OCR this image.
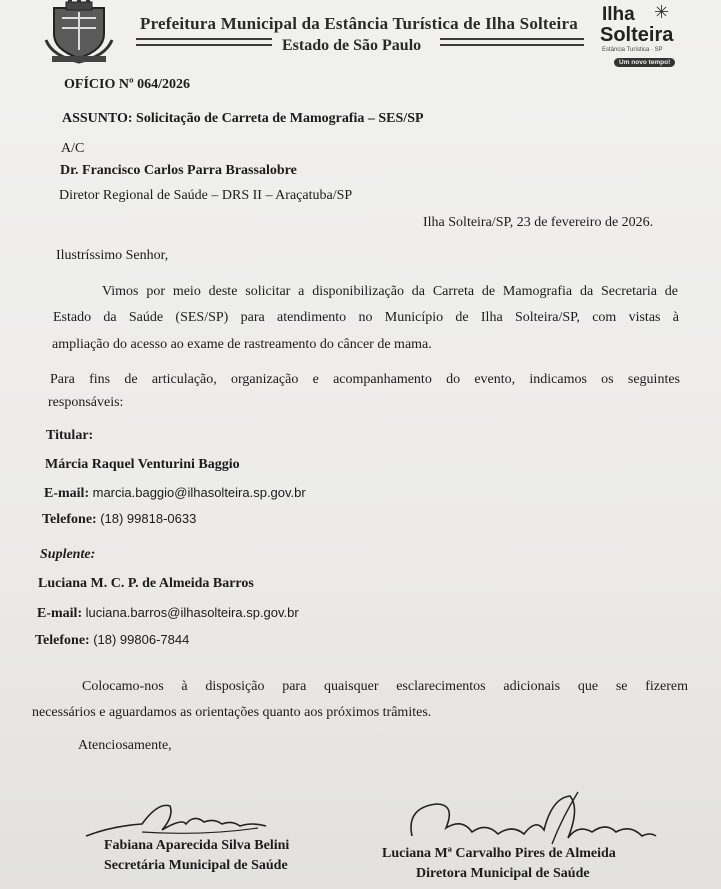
Prefeitura Municipal da Estância Turística de Ilha Solteira
Estado de São Paulo
Ilha ✳
Solteira
Estância Turística · SP
Um novo tempo!
OFÍCIO Nº 064/2026
ASSUNTO: Solicitação de Carreta de Mamografia – SES/SP
A/C
Dr. Francisco Carlos Parra Brassalobre
Diretor Regional de Saúde – DRS II – Araçatuba/SP
Ilha Solteira/SP, 23 de fevereiro de 2026.
Ilustríssimo Senhor,
Vimos por meio deste solicitar a disponibilização da Carreta de Mamografia da Secretaria de
Estado da Saúde (SES/SP) para atendimento no Município de Ilha Solteira/SP, com vistas à
ampliação do acesso ao exame de rastreamento do câncer de mama.
Para fins de articulação, organização e acompanhamento do evento, indicamos os seguintes
responsáveis:
Titular:
Márcia Raquel Venturini Baggio
E-mail: marcia.baggio@ilhasolteira.sp.gov.br
Telefone: (18) 99818-0633
Suplente:
Luciana M. C. P. de Almeida Barros
E-mail: luciana.barros@ilhasolteira.sp.gov.br
Telefone: (18) 99806-7844
Colocamo-nos à disposição para quaisquer esclarecimentos adicionais que se fizerem
necessários e aguardamos as orientações quanto aos próximos trâmites.
Atenciosamente,
Fabiana Aparecida Silva Belini
Secretária Municipal de Saúde
Luciana Mª Carvalho Pires de Almeida
Diretora Municipal de Saúde
